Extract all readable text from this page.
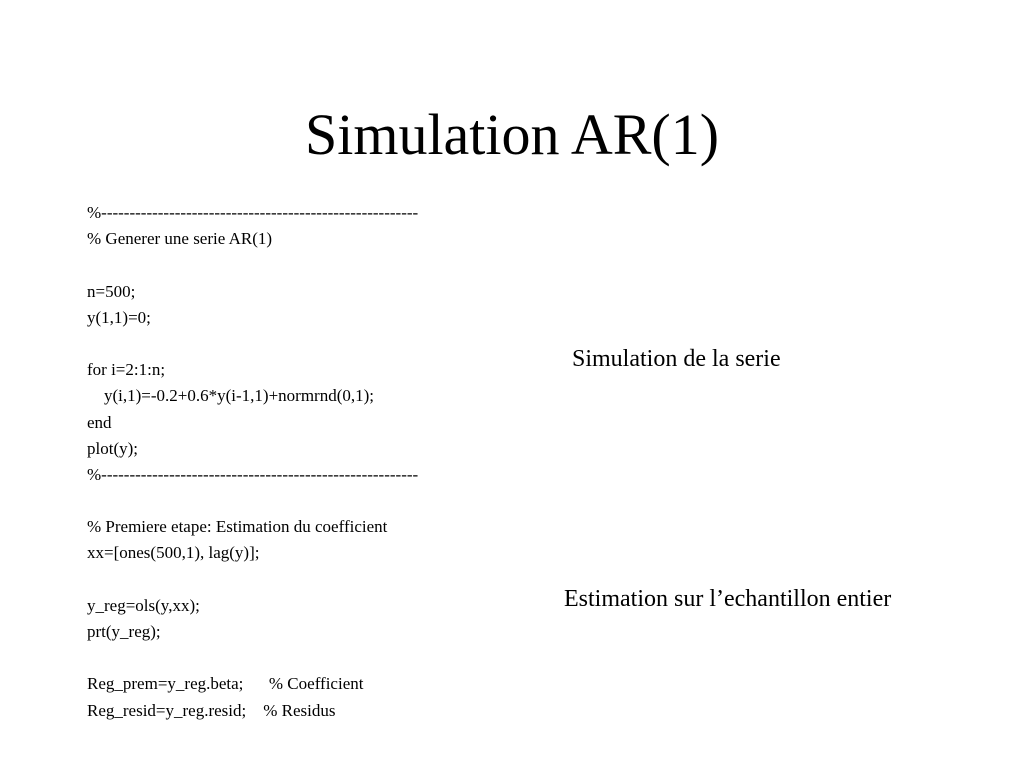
Simulation AR(1)
%--------------------------------------------------------
% Generer une serie AR(1)
n=500;
y(1,1)=0;
for i=2:1:n;
y(i,1)=-0.2+0.6*y(i-1,1)+normrnd(0,1);
end
plot(y);
%--------------------------------------------------------
% Premiere etape: Estimation du coefficient
xx=[ones(500,1), lag(y)];
y_reg=ols(y,xx);
prt(y_reg);
Reg_prem=y_reg.beta;      % Coefficient
Reg_resid=y_reg.resid;    % Residus
Simulation de la serie
Estimation sur l’echantillon entier
